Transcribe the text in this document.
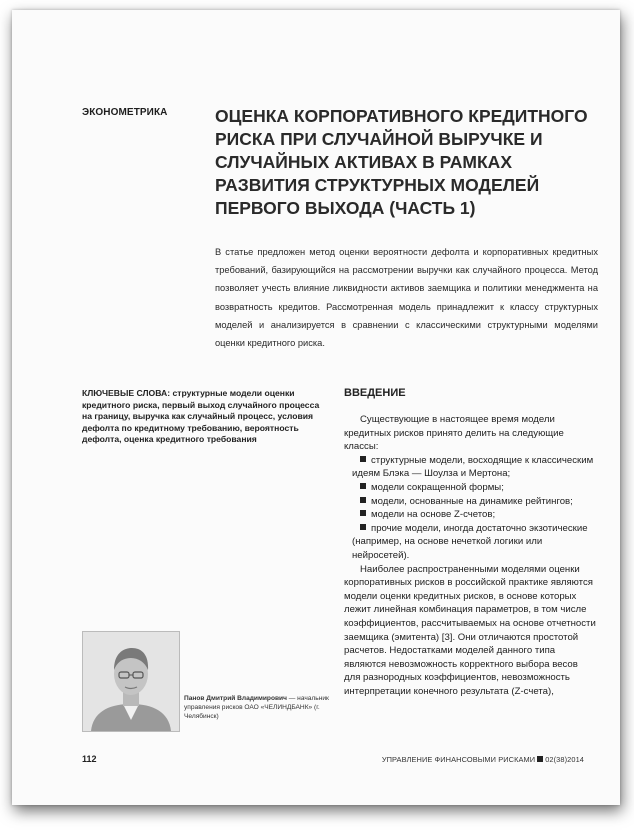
ЭКОНОМЕТРИКА	ОЦЕНКА КОРПОРАТИВНОГО КРЕДИТНОГО РИСКА ПРИ СЛУЧАЙНОЙ ВЫРУЧКЕ И СЛУЧАЙНЫХ АКТИВАХ В РАМКАХ РАЗВИТИЯ СТРУКТУРНЫХ МОДЕЛЕЙ ПЕРВОГО ВЫХОДА (ЧАСТЬ 1)
В статье предложен метод оценки вероятности дефолта и корпоративных кредитных требований, базирующийся на рассмотрении выручки как случайного процесса. Метод позволяет учесть влияние ликвидности активов заемщика и политики менеджмента на возвратность кредитов. Рассмотренная модель принадлежит к классу структурных моделей и анализируется в сравнении с классическими структурными моделями оценки кредитного риска.
КЛЮЧЕВЫЕ СЛОВА: структурные модели оценки кредитного риска, первый выход случайного процесса на границу, выручка как случайный процесс, условия дефолта по кредитному требованию, вероятность дефолта, оценка кредитного требования
ВВЕДЕНИЕ

Существующие в настоящее время модели кредитных рисков принято делить на следующие классы:

структурные модели, восходящие к классическим идеям Блэка — Шоулза и Мертона;

модели сокращенной формы;

модели, основанные на динамике рейтингов;

модели на основе Z-счетов;

прочие модели, иногда достаточно экзотические (например, на основе нечеткой логики или нейросетей).

Наиболее распространенными моделями оценки корпоративных рисков в российской практике являются модели оценки кредитных рисков, в основе которых лежит линейная комбинация параметров, в том числе коэффициентов, рассчитываемых на основе отчетности заемщика (эмитента) [3]. Они отличаются простотой расчетов. Недостатками моделей данного типа являются невозможность корректного выбора весов для разнородных коэффициентов, невозможность интерпретации конечного результата (Z-счета),

Панов Дмитрий Владимирович — начальник управления рисков ОАО «ЧЕЛИНДБАНК» (г. Челябинск)
112	УПРАВЛЕНИЕ ФИНАНСОВЫМИ РИСКАМИ 02(38)2014
